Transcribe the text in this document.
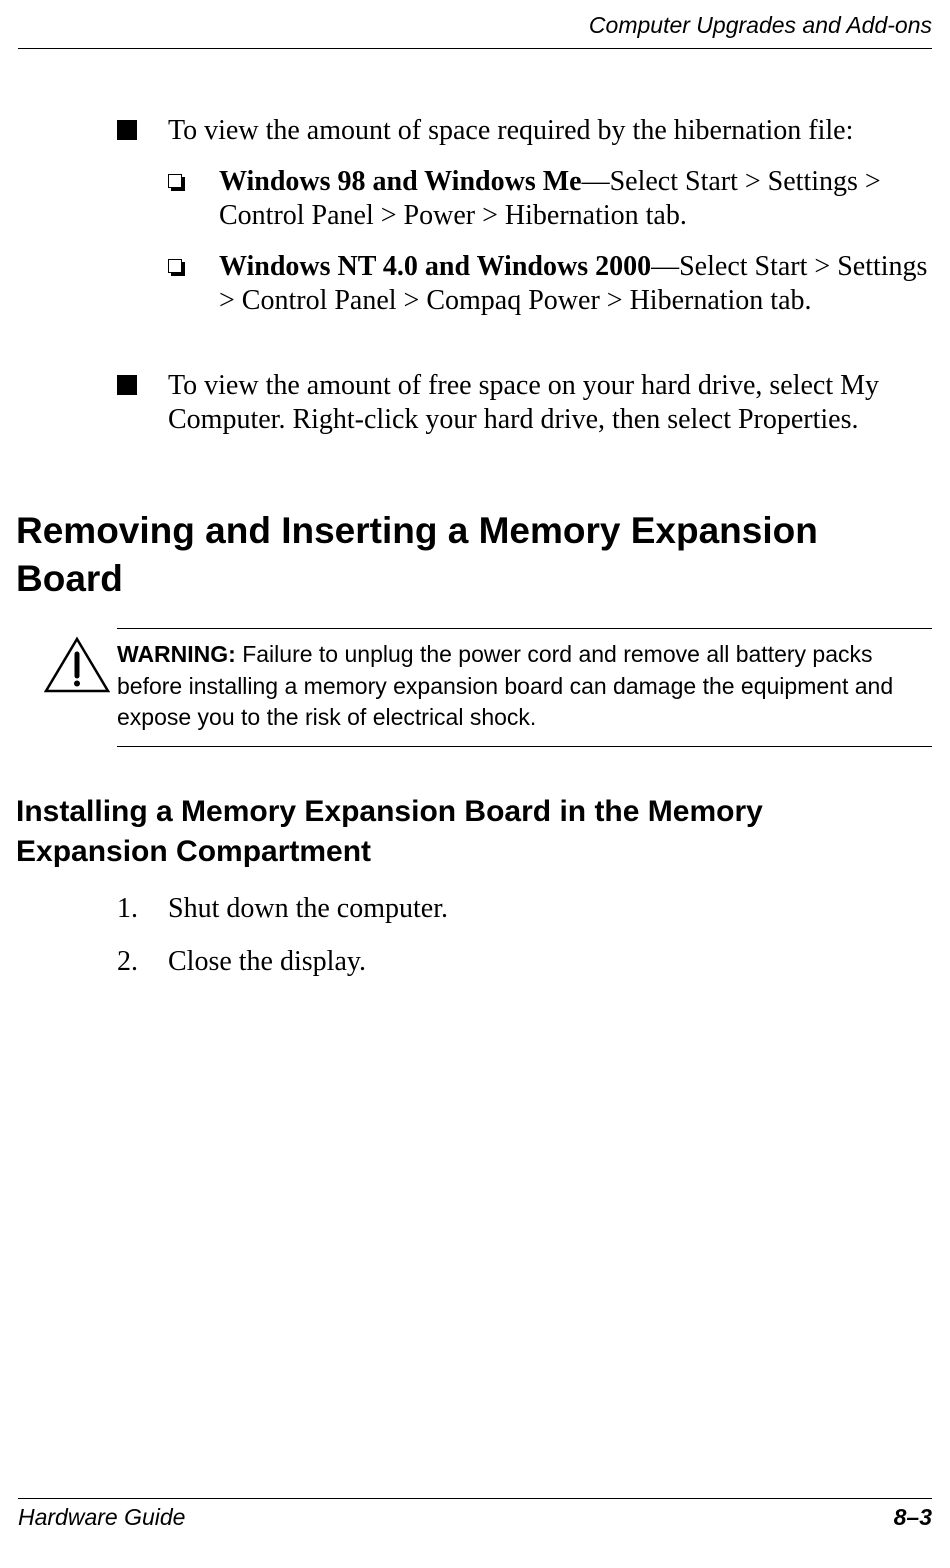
Computer Upgrades and Add-ons
To view the amount of space required by the hibernation file:
Windows 98 and Windows Me—Select Start > Settings > Control Panel > Power > Hibernation tab.
Windows NT 4.0 and Windows 2000—Select Start > Settings > Control Panel > Compaq Power > Hibernation tab.
To view the amount of free space on your hard drive, select My Computer. Right-click your hard drive, then select Properties.
Removing and Inserting a Memory Expansion Board
WARNING: Failure to unplug the power cord and remove all battery packs before installing a memory expansion board can damage the equipment and expose you to the risk of electrical shock.
Installing a Memory Expansion Board in the Memory Expansion Compartment
1.	Shut down the computer.
2.	Close the display.
Hardware Guide	8–3
